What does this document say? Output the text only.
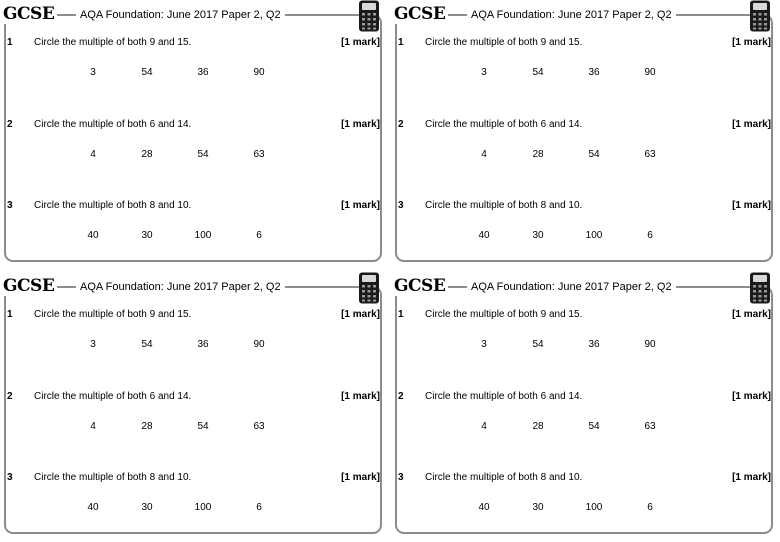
GCSE	AQA Foundation: June 2017 Paper 2, Q2
1 Circle the multiple of both 9 and 15.	[1 mark]
3	54	36	90
2 Circle the multiple of both 6 and 14.	[1 mark]
4	28	54	63
3 Circle the multiple of both 8 and 10.	[1 mark]
40	30	100	6
GCSE	AQA Foundation: June 2017 Paper 2, Q2
1 Circle the multiple of both 9 and 15.	[1 mark]
3	54	36	90
2 Circle the multiple of both 6 and 14.	[1 mark]
4	28	54	63
3 Circle the multiple of both 8 and 10.	[1 mark]
40	30	100	6
GCSE	AQA Foundation: June 2017 Paper 2, Q2
1 Circle the multiple of both 9 and 15.	[1 mark]
3	54	36	90
2 Circle the multiple of both 6 and 14.	[1 mark]
4	28	54	63
3 Circle the multiple of both 8 and 10.	[1 mark]
40	30	100	6
GCSE	AQA Foundation: June 2017 Paper 2, Q2
1 Circle the multiple of both 9 and 15.	[1 mark]
3	54	36	90
2 Circle the multiple of both 6 and 14.	[1 mark]
4	28	54	63
3 Circle the multiple of both 8 and 10.	[1 mark]
40	30	100	6
